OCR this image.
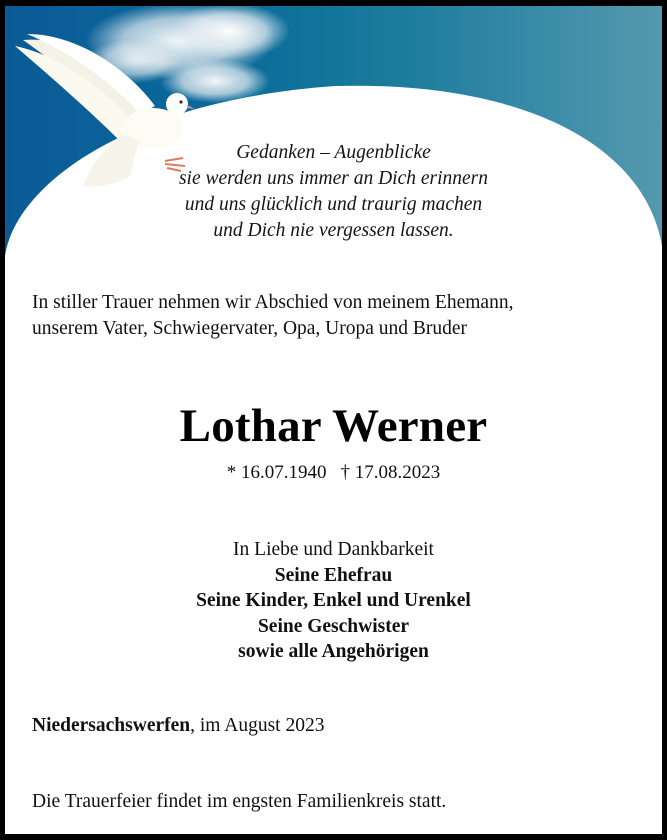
Gedanken – Augenblicke
sie werden uns immer an Dich erinnern
und uns glücklich und traurig machen
und Dich nie vergessen lassen.
In stiller Trauer nehmen wir Abschied von meinem Ehemann,
unserem Vater, Schwiegervater, Opa, Uropa und Bruder
Lothar Werner
* 16.07.1940 † 17.08.2023
In Liebe und Dankbarkeit
Seine Ehefrau
Seine Kinder, Enkel und Urenkel
Seine Geschwister
sowie alle Angehörigen
Niedersachswerfen, im August 2023
Die Trauerfeier findet im engsten Familienkreis statt.
